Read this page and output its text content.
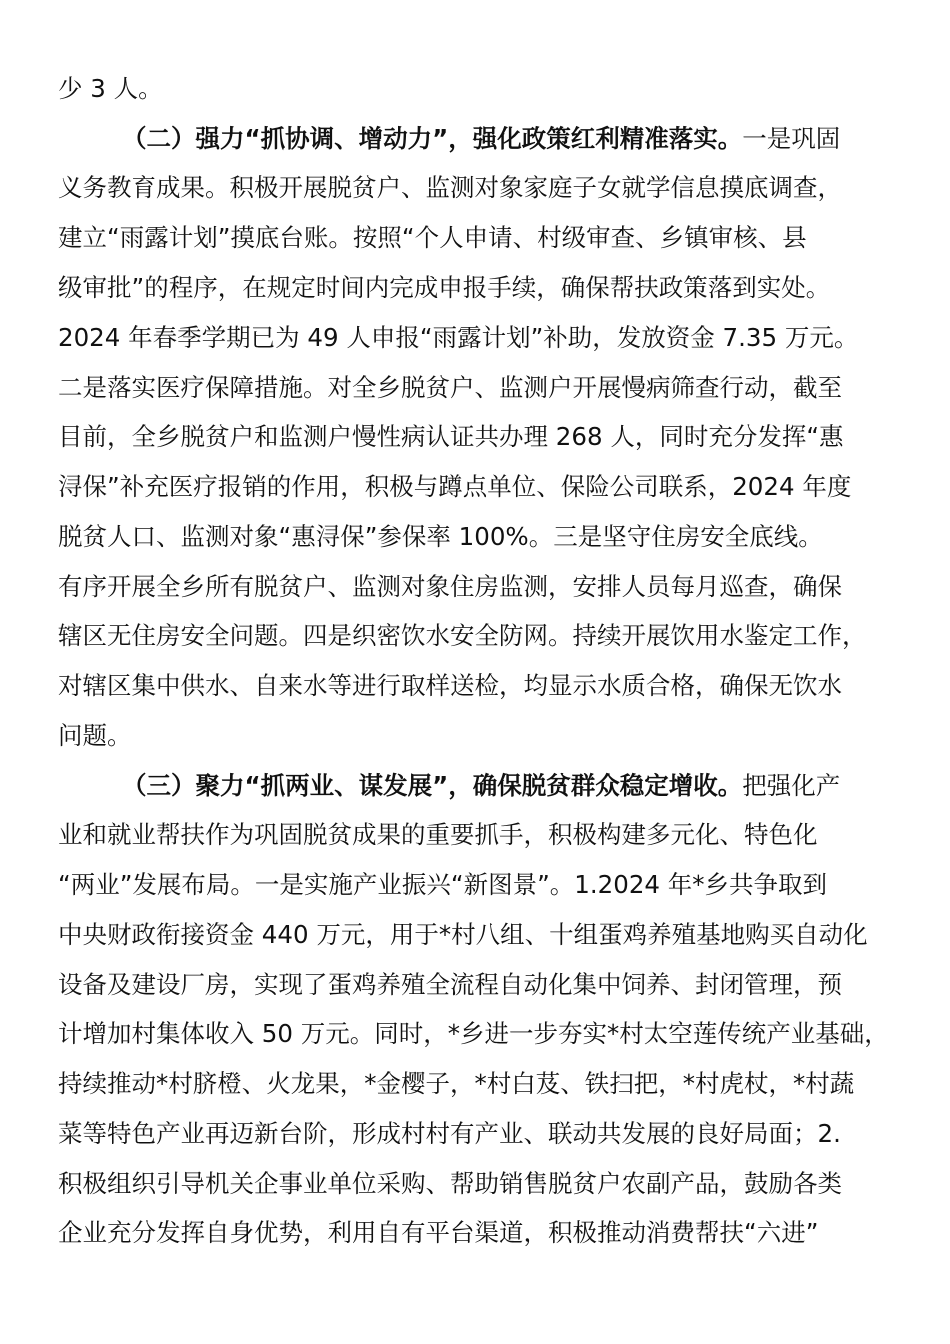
少 3 人。
（二）强力“抓协调、增动力”，强化政策红利精准落实。一是巩固
义务教育成果。积极开展脱贫户、监测对象家庭子女就学信息摸底调查，
建立“雨露计划”摸底台账。按照“个人申请、村级审查、乡镇审核、县
级审批”的程序，在规定时间内完成申报手续，确保帮扶政策落到实处。
2024 年春季学期已为 49 人申报“雨露计划”补助，发放资金 7.35 万元。
二是落实医疗保障措施。对全乡脱贫户、监测户开展慢病筛查行动，截至
目前，全乡脱贫户和监测户慢性病认证共办理 268 人，同时充分发挥“惠
浔保”补充医疗报销的作用，积极与蹲点单位、保险公司联系，2024 年度
脱贫人口、监测对象“惠浔保”参保率 100%。三是坚守住房安全底线。
有序开展全乡所有脱贫户、监测对象住房监测，安排人员每月巡查，确保
辖区无住房安全问题。四是织密饮水安全防网。持续开展饮用水鉴定工作，
对辖区集中供水、自来水等进行取样送检，均显示水质合格，确保无饮水
问题。
（三）聚力“抓两业、谋发展”，确保脱贫群众稳定增收。把强化产
业和就业帮扶作为巩固脱贫成果的重要抓手，积极构建多元化、特色化
“两业”发展布局。一是实施产业振兴“新图景”。1.2024 年*乡共争取到
中央财政衔接资金 440 万元，用于*村八组、十组蛋鸡养殖基地购买自动化
设备及建设厂房，实现了蛋鸡养殖全流程自动化集中饲养、封闭管理，预
计增加村集体收入 50 万元。同时，*乡进一步夯实*村太空莲传统产业基础，
持续推动*村脐橙、火龙果，*金樱子，*村白芨、铁扫把，*村虎杖，*村蔬
菜等特色产业再迈新台阶，形成村村有产业、联动共发展的良好局面；2.
积极组织引导机关企事业单位采购、帮助销售脱贫户农副产品，鼓励各类
企业充分发挥自身优势，利用自有平台渠道，积极推动消费帮扶“六进”
